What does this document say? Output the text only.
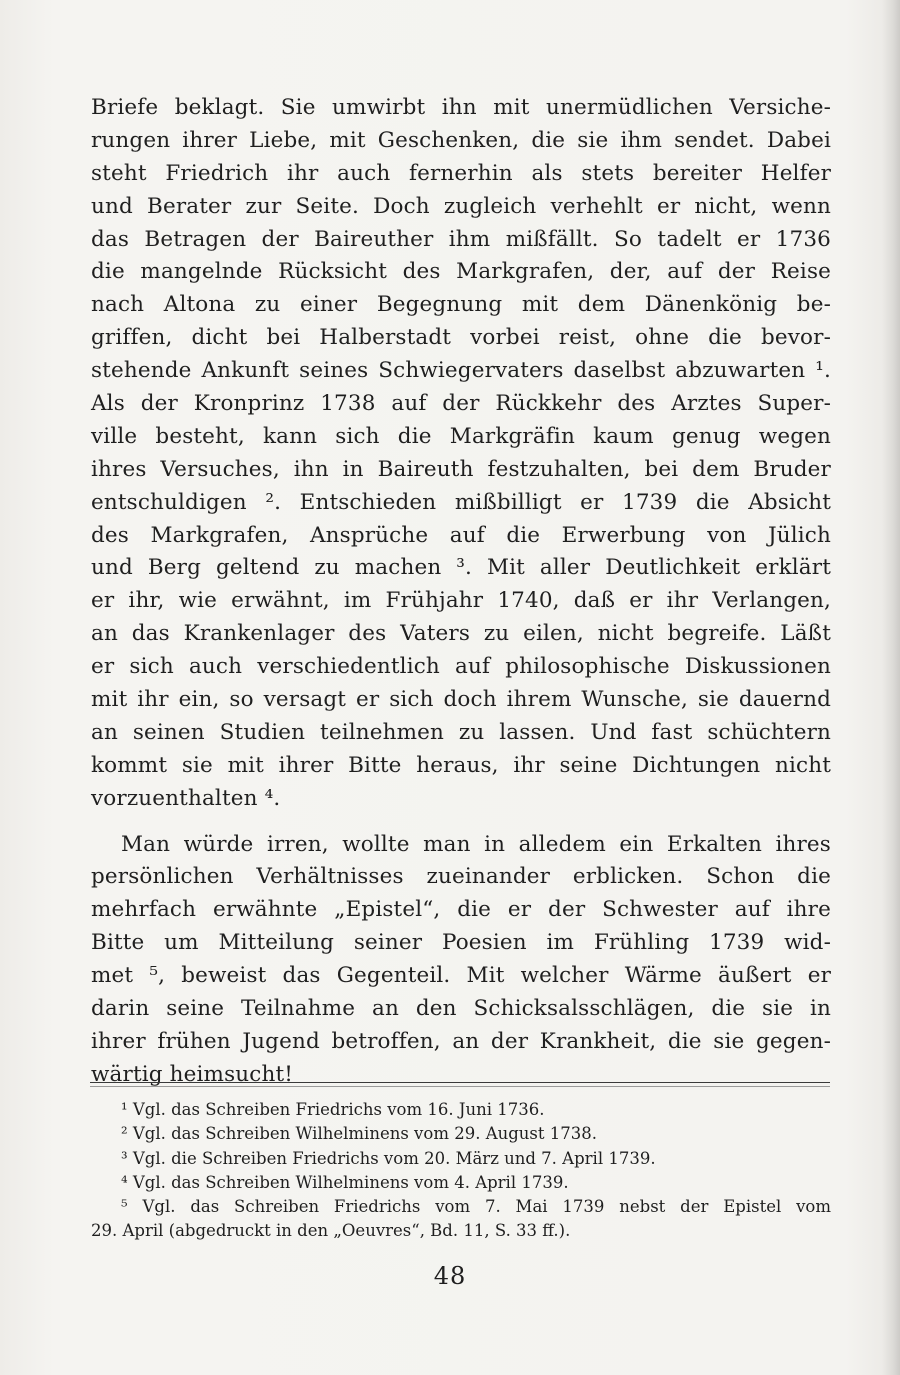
Briefe beklagt. Sie umwirbt ihn mit unermüdlichen Versiche-
rungen ihrer Liebe, mit Geschenken, die sie ihm sendet. Dabei
steht Friedrich ihr auch fernerhin als stets bereiter Helfer
und Berater zur Seite. Doch zugleich verhehlt er nicht, wenn
das Betragen der Baireuther ihm mißfällt. So tadelt er 1736
die mangelnde Rücksicht des Markgrafen, der, auf der Reise
nach Altona zu einer Begegnung mit dem Dänenkönig be-
griffen, dicht bei Halberstadt vorbei reist, ohne die bevor-
stehende Ankunft seines Schwiegervaters daselbst abzuwarten ¹.
Als der Kronprinz 1738 auf der Rückkehr des Arztes Super-
ville besteht, kann sich die Markgräfin kaum genug wegen
ihres Versuches, ihn in Baireuth festzuhalten, bei dem Bruder
entschuldigen ². Entschieden mißbilligt er 1739 die Absicht
des Markgrafen, Ansprüche auf die Erwerbung von Jülich
und Berg geltend zu machen ³. Mit aller Deutlichkeit erklärt
er ihr, wie erwähnt, im Frühjahr 1740, daß er ihr Verlangen,
an das Krankenlager des Vaters zu eilen, nicht begreife. Läßt
er sich auch verschiedentlich auf philosophische Diskussionen
mit ihr ein, so versagt er sich doch ihrem Wunsche, sie dauernd
an seinen Studien teilnehmen zu lassen. Und fast schüchtern
kommt sie mit ihrer Bitte heraus, ihr seine Dichtungen nicht
vorzuenthalten ⁴.
Man würde irren, wollte man in alledem ein Erkalten ihres
persönlichen Verhältnisses zueinander erblicken. Schon die
mehrfach erwähnte „Epistel“, die er der Schwester auf ihre
Bitte um Mitteilung seiner Poesien im Frühling 1739 wid-
met ⁵, beweist das Gegenteil. Mit welcher Wärme äußert er
darin seine Teilnahme an den Schicksalsschlägen, die sie in
ihrer frühen Jugend betroffen, an der Krankheit, die sie gegen-
wärtig heimsucht!
¹ Vgl. das Schreiben Friedrichs vom 16. Juni 1736.
² Vgl. das Schreiben Wilhelminens vom 29. August 1738.
³ Vgl. die Schreiben Friedrichs vom 20. März und 7. April 1739.
⁴ Vgl. das Schreiben Wilhelminens vom 4. April 1739.
⁵ Vgl. das Schreiben Friedrichs vom 7. Mai 1739 nebst der Epistel vom
29. April (abgedruckt in den „Oeuvres“, Bd. 11, S. 33 ff.).
48
